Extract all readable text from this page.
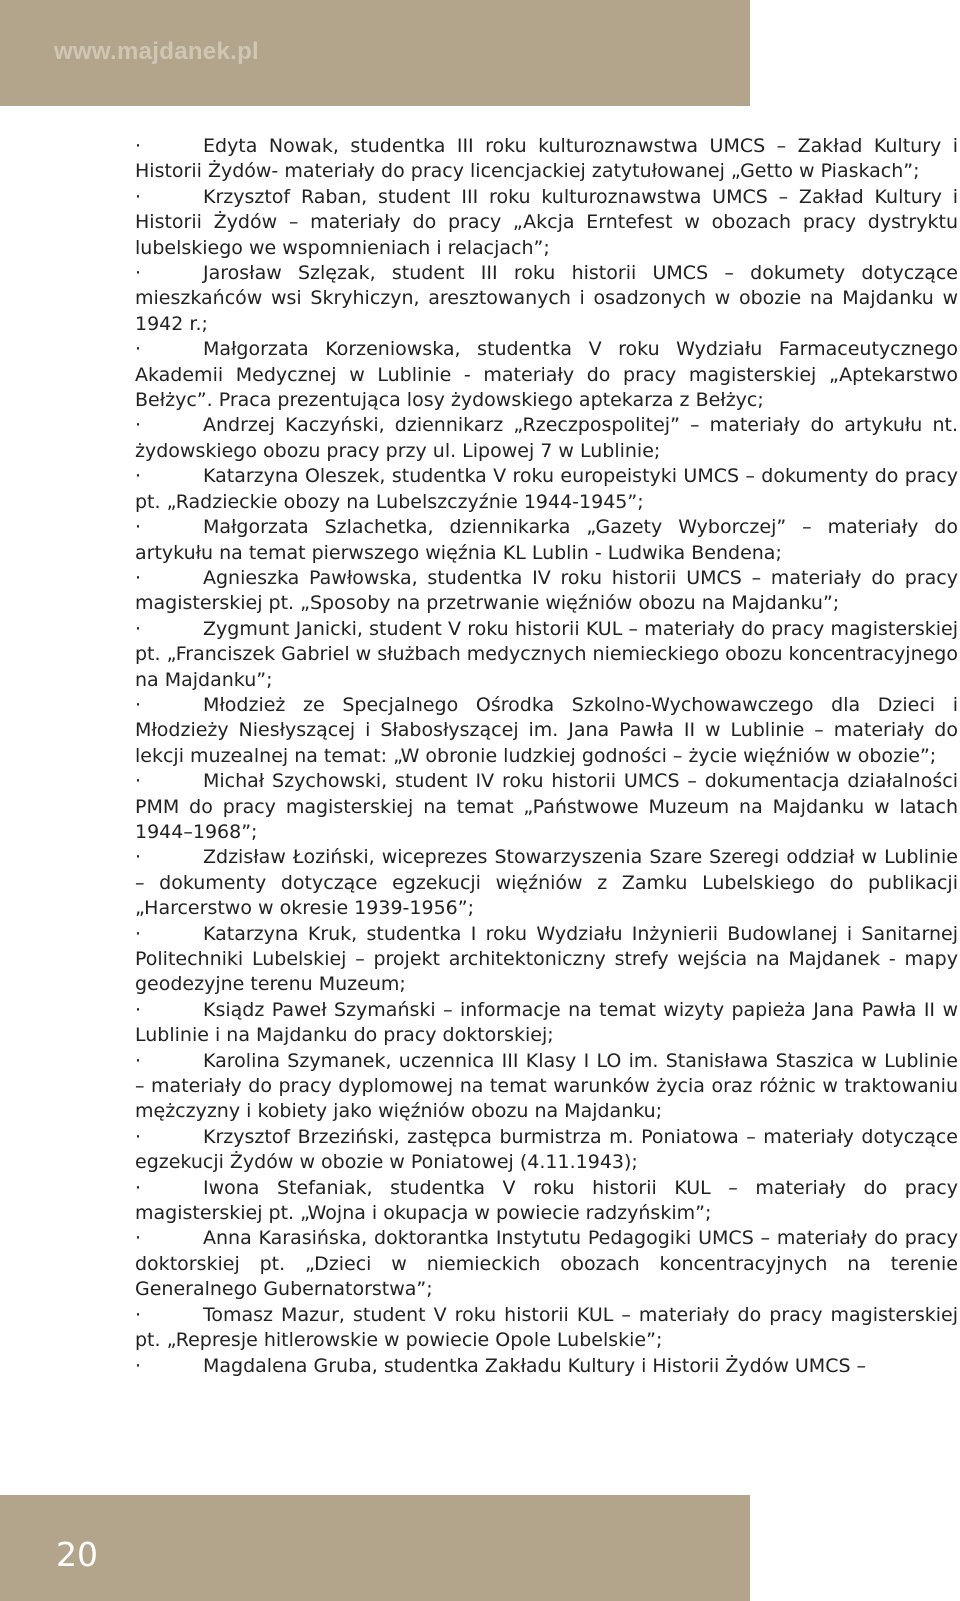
www.majdanek.pl

·	Edyta Nowak, studentka III roku kulturoznawstwa UMCS – Zakład Kultury i Historii Żydów- materiały do pracy licencjackiej zatytułowanej „Getto w Piaskach”;

·	Krzysztof Raban, student III roku kulturoznawstwa UMCS – Zakład Kultury i Historii Żydów – materiały do pracy „Akcja Erntefest w obozach pracy dystryktu lubelskiego we wspomnieniach i relacjach”;

·	Jarosław Szlęzak, student III roku historii UMCS – dokumety dotyczące mieszkańców wsi Skryhiczyn, aresztowanych i osadzonych w obozie na Majdanku w 1942 r.;

·	Małgorzata Korzeniowska, studentka V roku Wydziału Farmaceutycznego Akademii Medycznej w Lublinie - materiały do pracy magisterskiej „Aptekarstwo Bełżyc”. Praca prezentująca losy żydowskiego aptekarza z Bełżyc;

·	Andrzej Kaczyński, dziennikarz „Rzeczpospolitej” – materiały do artykułu nt. żydowskiego obozu pracy przy ul. Lipowej 7 w Lublinie;

·	Katarzyna Oleszek, studentka V roku europeistyki UMCS – dokumenty do pracy pt. „Radzieckie obozy na Lubelszczyźnie 1944-1945”;

·	Małgorzata Szlachetka, dziennikarka „Gazety Wyborczej” – materiały do artykułu na temat pierwszego więźnia KL Lublin - Ludwika Bendena;

·	Agnieszka Pawłowska, studentka IV roku historii UMCS – materiały do pracy magisterskiej pt. „Sposoby na przetrwanie więźniów obozu na Majdanku”;

·	Zygmunt Janicki, student V roku historii KUL – materiały do pracy magisterskiej pt. „Franciszek Gabriel w służbach medycznych niemieckiego obozu koncentracyjnego na Majdanku”;

·	Młodzież ze Specjalnego Ośrodka Szkolno-Wychowawczego dla Dzieci i Młodzieży Niesłyszącej i Słabosłyszącej im. Jana Pawła II w Lublinie – materiały do lekcji muzealnej na temat: „W obronie ludzkiej godności – życie więźniów w obozie”;

·	Michał Szychowski, student IV roku historii UMCS – dokumentacja działalności PMM do pracy magisterskiej na temat „Państwowe Muzeum na Majdanku w latach 1944–1968”;

·	Zdzisław Łoziński, wiceprezes Stowarzyszenia Szare Szeregi oddział w Lublinie – dokumenty dotyczące egzekucji więźniów z Zamku Lubelskiego do publikacji „Harcerstwo w okresie 1939-1956”;

·	Katarzyna Kruk, studentka I roku Wydziału Inżynierii Budowlanej i Sanitarnej Politechniki Lubelskiej – projekt architektoniczny strefy wejścia na Majdanek - mapy geodezyjne terenu Muzeum;

·	Ksiądz Paweł Szymański – informacje na temat wizyty papieża Jana Pawła II w Lublinie i na Majdanku do pracy doktorskiej;

·	Karolina Szymanek, uczennica III Klasy I LO im. Stanisława Staszica w Lublinie – materiały do pracy dyplomowej na temat warunków życia oraz różnic w traktowaniu mężczyzny i kobiety jako więźniów obozu na Majdanku;

·	Krzysztof Brzeziński, zastępca burmistrza m. Poniatowa – materiały dotyczące egzekucji Żydów w obozie w Poniatowej (4.11.1943);

·	Iwona Stefaniak, studentka V roku historii KUL – materiały do pracy magisterskiej pt. „Wojna i okupacja w powiecie radzyńskim”;

·	Anna Karasińska, doktorantka Instytutu Pedagogiki UMCS – materiały do pracy doktorskiej pt. „Dzieci w niemieckich obozach koncentracyjnych na terenie Generalnego Gubernatorstwa”;

·	Tomasz Mazur, student V roku historii KUL – materiały do pracy magisterskiej pt. „Represje hitlerowskie w powiecie Opole Lubelskie”;

·	Magdalena Gruba, studentka Zakładu Kultury i Historii Żydów UMCS –

20
